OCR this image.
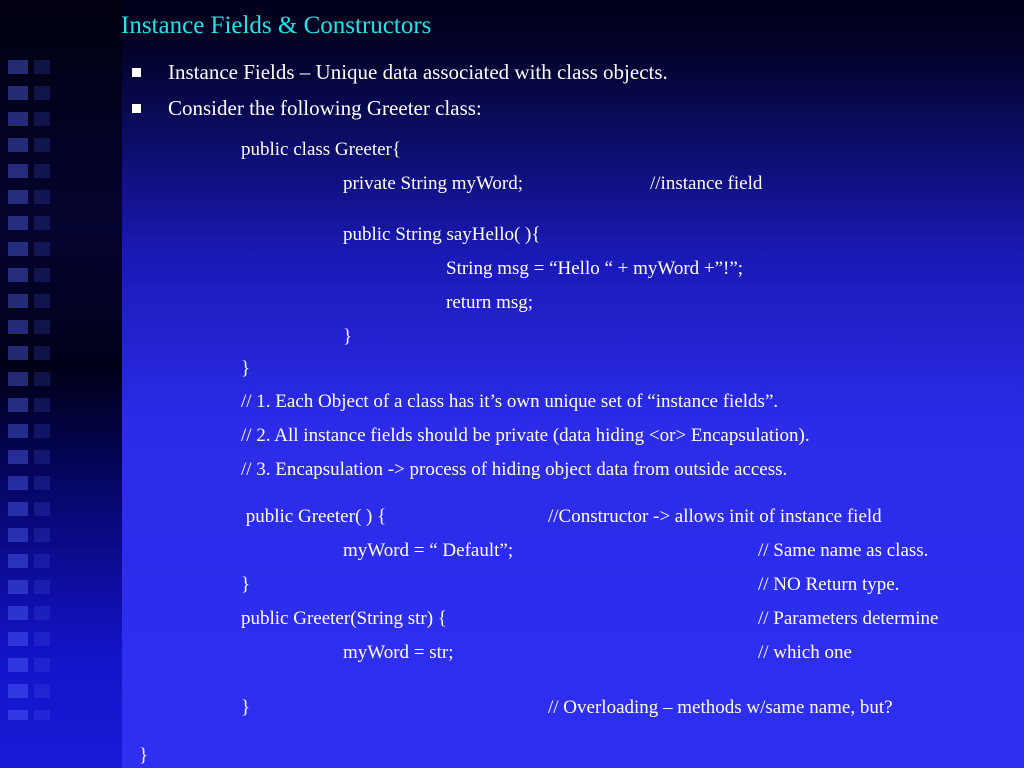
Instance Fields & Constructors
Instance Fields – Unique data associated with class objects.
Consider the following Greeter class:
public class Greeter{
private String myWord;	//instance field
public String sayHello( ){
String msg = “Hello “ + myWord +”!”;
return msg;
}
}
// 1. Each Object of a class has it’s own unique set of “instance fields”.
// 2. All instance fields should be private (data hiding <or> Encapsulation).
// 3. Encapsulation -> process of hiding object data from outside access.
public Greeter( ) {	//Constructor -> allows init of instance field
myWord = “ Default”;	// Same name as class.
}	// NO Return type.
public Greeter(String str) {	// Parameters determine
myWord = str;	// which one
}	// Overloading – methods w/same name, but?
}
